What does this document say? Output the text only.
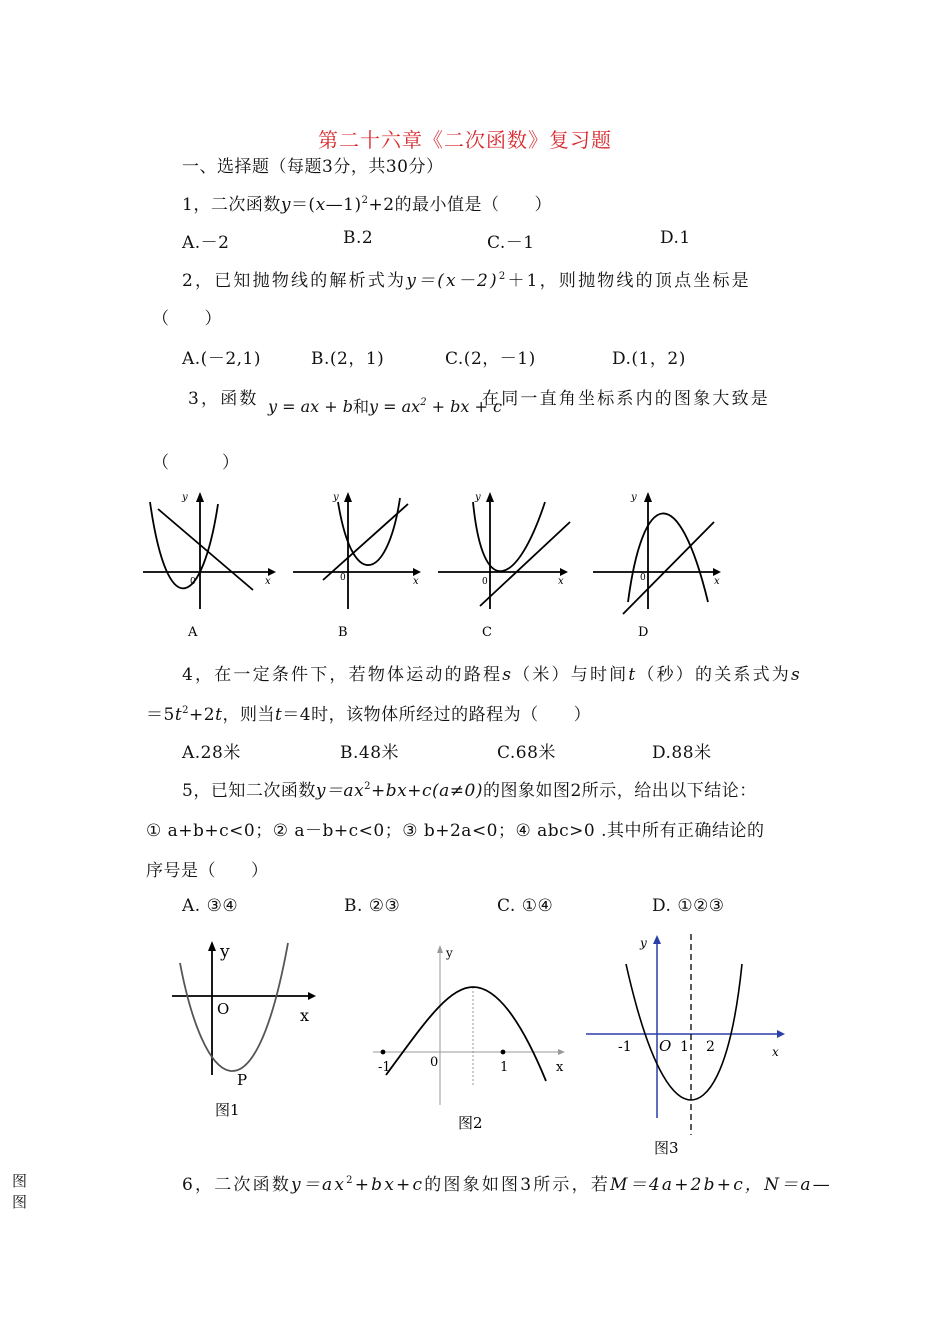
第二十六章《二次函数》复习题
一、选择题（每题3分，共30分）
1，二次函数y＝(x—1)$^2$+2的最小值是（　　）
A.－2	B.2	C.－1	D.1
2，已知抛物线的解析式为$y=(x-2)^2+1$，则抛物线的顶点坐标是
（　　）
A.(－2,1)	B.(2，1)	C.(2，－1)	D.(1，2)
3，函数 y = ax + b和$y = ax^2$ + bx + c
在同一直角坐标系内的图象大致是
（　　　）
y
x
y
x
y
x
y
x
0	0	0	0
A	B	C	D
4，在一定条件下，若物体运动的路程s（米）与时间t（秒）的关系式为s
$=5t^2+2t$，则当t＝4时，该物体所经过的路程为（　　）
A.28米	B.48米	C.68米	D.88米
5，已知二次函数$y=ax^2+bx+c(a\ne 0)$的图象如图2所示，给出以下结论：
① a+b+c<0；② a－b+c<0；③ b+2a<0；④ abc>0 .其中所有正确结论的
序号是（　　）
A. ③④	B. ②③	C. ①④	D. ①②③
y
x
O
P
图1
y
x
0
-1	1
图2
y
x
-1 O 1 2
图3
图
图
6，二次函数$y=ax^2+bx+c$的图象如图3所示，若M＝4a+2b+c，N＝a—
